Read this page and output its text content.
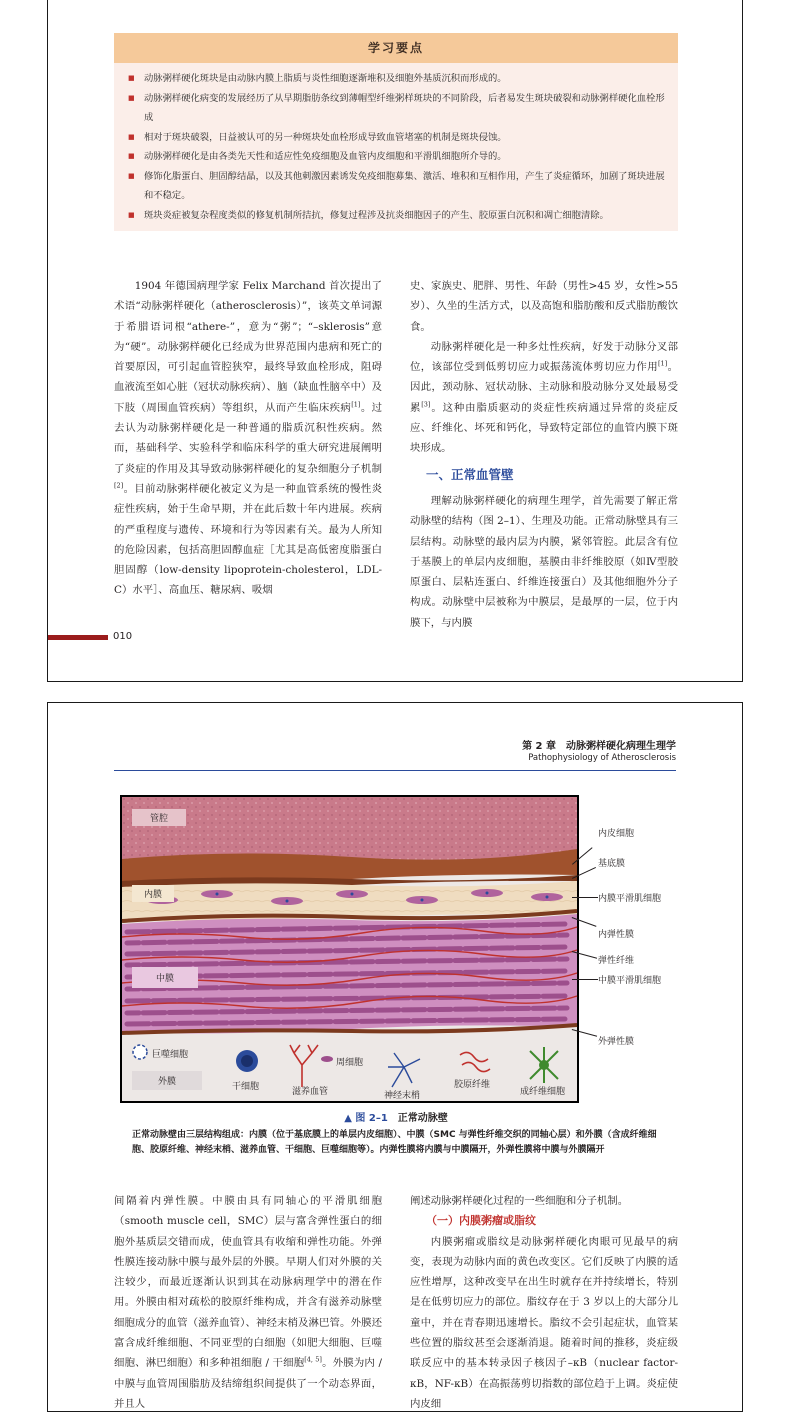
学习要点
■ 动脉粥样硬化斑块是由动脉内膜上脂质与炎性细胞逐渐堆积及细胞外基质沉积而形成的。
■ 动脉粥样硬化病变的发展经历了从早期脂肪条纹到薄帽型纤维粥样斑块的不同阶段，后者易发生斑块破裂和动脉粥样硬化血栓形成
■ 相对于斑块破裂，日益被认可的另一种斑块处血栓形成导致血管堵塞的机制是斑块侵蚀。
■ 动脉粥样硬化是由各类先天性和适应性免疫细胞及血管内皮细胞和平滑肌细胞所介导的。
■ 修饰化脂蛋白、胆固醇结晶，以及其他刺激因素诱发免疫细胞募集、激活、堆积和互相作用，产生了炎症循环，加剧了斑块进展和不稳定。
■ 斑块炎症被复杂程度类似的修复机制所拮抗，修复过程涉及抗炎细胞因子的产生、胶原蛋白沉积和凋亡细胞清除。

1904 年德国病理学家 Felix Marchand 首次提出了术语“动脉粥样硬化（atherosclerosis）”，该英文单词源于希腊语词根“athere-”，意为“粥”；“–sklerosis”意为“硬”。动脉粥样硬化已经成为世界范围内患病和死亡的首要原因，可引起血管腔狭窄，最终导致血栓形成，阻碍血液流至如心脏（冠状动脉疾病）、脑（缺血性脑卒中）及下肢（周围血管疾病）等组织，从而产生临床疾病[1]。过去认为动脉粥样硬化是一种普通的脂质沉积性疾病。然而，基础科学、实验科学和临床科学的重大研究进展阐明了炎症的作用及其导致动脉粥样硬化的复杂细胞分子机制[2]。目前动脉粥样硬化被定义为是一种血管系统的慢性炎症性疾病，始于生命早期，并在此后数十年内进展。疾病的严重程度与遗传、环境和行为等因素有关。最为人所知的危险因素，包括高胆固醇血症［尤其是高低密度脂蛋白胆固醇（low-density lipoprotein-cholesterol，LDL-C）水平］、高血压、糖尿病、吸烟

史、家族史、肥胖、男性、年龄（男性>45 岁，女性>55 岁）、久坐的生活方式，以及高饱和脂肪酸和反式脂肪酸饮食。

动脉粥样硬化是一种多灶性疾病，好发于动脉分叉部位，该部位受到低剪切应力或振荡流体剪切应力作用[1]。因此，颈动脉、冠状动脉、主动脉和股动脉分叉处最易受累[3]。这种由脂质驱动的炎症性疾病通过异常的炎症反应、纤维化、坏死和钙化，导致特定部位的血管内膜下斑块形成。

一、正常血管壁

理解动脉粥样硬化的病理生理学，首先需要了解正常动脉壁的结构（图 2–1）、生理及功能。正常动脉壁具有三层结构。动脉壁的最内层为内膜，紧邻管腔。此层含有位于基膜上的单层内皮细胞，基膜由非纤维胶原（如Ⅳ型胶原蛋白、层粘连蛋白、纤维连接蛋白）及其他细胞外分子构成。动脉壁中层被称为中膜层，是最厚的一层，位于内膜下，与内膜

010
第 2 章　动脉粥样硬化病理生理学
Pathophysiology of Atherosclerosis
管腔
内膜
中膜
外膜
巨噬细胞
干细胞	滋养血管
周细胞
神经末梢
胶原纤维
成纤维细胞
内皮细胞
基底膜
内膜平滑肌细胞
内弹性膜
弹性纤维
中膜平滑肌细胞
外弹性膜
▲ 图 2–1　 正常动脉壁
正常动脉壁由三层结构组成：内膜（位于基底膜上的单层内皮细胞）、中膜（SMC 与弹性纤维交织的同轴心层）和外膜（含成纤维细胞、胶原纤维、神经末梢、滋养血管、干细胞、巨噬细胞等）。内弹性膜将内膜与中膜隔开，外弹性膜将中膜与外膜隔开

间隔着内弹性膜。中膜由具有同轴心的平滑肌细胞（smooth muscle cell，SMC）层与富含弹性蛋白的细胞外基质层交错而成，使血管具有收缩和弹性功能。外弹性膜连接动脉中膜与最外层的外膜。早期人们对外膜的关注较少，而最近逐渐认识到其在动脉病理学中的潜在作用。外膜由相对疏松的胶原纤维构成，并含有滋养动脉壁细胞成分的血管（滋养血管）、神经末梢及淋巴管。外膜还富含成纤维细胞、不同亚型的白细胞（如肥大细胞、巨噬细胞、淋巴细胞）和多种祖细胞 / 干细胞[4, 5]。外膜为内 / 中膜与血管周围脂肪及结缔组织间提供了一个动态界面，并且人

阐述动脉粥样硬化过程的一些细胞和分子机制。

（一）内膜粥瘤或脂纹

内膜粥瘤或脂纹是动脉粥样硬化肉眼可见最早的病变，表现为动脉内面的黄色改变区。它们反映了内膜的适应性增厚，这种改变早在出生时就存在并持续增长，特别是在低剪切应力的部位。脂纹存在于 3 岁以上的大部分儿童中，并在青春期迅速增长。脂纹不会引起症状，血管某些位置的脂纹甚至会逐渐消退。随着时间的推移，炎症级联反应中的基本转录因子核因子–κB（nuclear factor-κB，NF-κB）在高振荡剪切指数的部位趋于上调。炎症使内皮细
